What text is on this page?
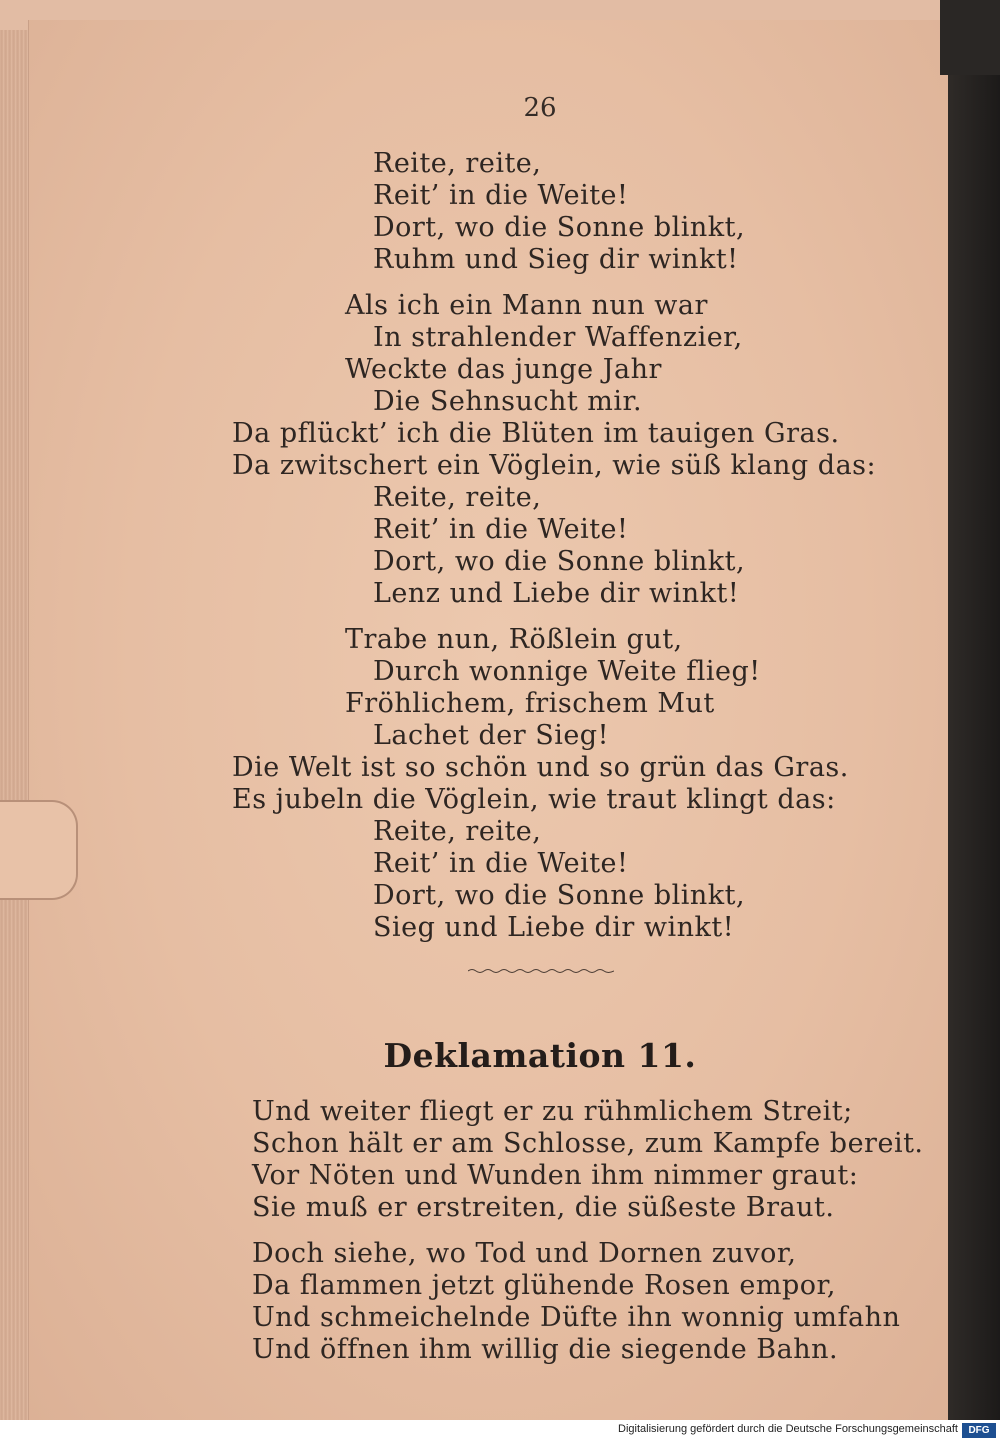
26
Reite, reite,
Reit’ in die Weite!
Dort, wo die Sonne blinkt,
Ruhm und Sieg dir winkt!
Als ich ein Mann nun war
In strahlender Waffenzier,
Weckte das junge Jahr
Die Sehnsucht mir.
Da pflückt’ ich die Blüten im tauigen Gras.
Da zwitschert ein Vöglein, wie süß klang das:
Reite, reite,
Reit’ in die Weite!
Dort, wo die Sonne blinkt,
Lenz und Liebe dir winkt!
Trabe nun, Rößlein gut,
Durch wonnige Weite flieg!
Fröhlichem, frischem Mut
Lachet der Sieg!
Die Welt ist so schön und so grün das Gras.
Es jubeln die Vöglein, wie traut klingt das:
Reite, reite,
Reit’ in die Weite!
Dort, wo die Sonne blinkt,
Sieg und Liebe dir winkt!
Deklamation 11.
Und weiter fliegt er zu rühmlichem Streit;
Schon hält er am Schlosse, zum Kampfe bereit.
Vor Nöten und Wunden ihm nimmer graut:
Sie muß er erstreiten, die süßeste Braut.
Doch siehe, wo Tod und Dornen zuvor,
Da flammen jetzt glühende Rosen empor,
Und schmeichelnde Düfte ihn wonnig umfahn
Und öffnen ihm willig die siegende Bahn.
Digitalisierung gefördert durch die Deutsche Forschungsgemeinschaft	DFG
